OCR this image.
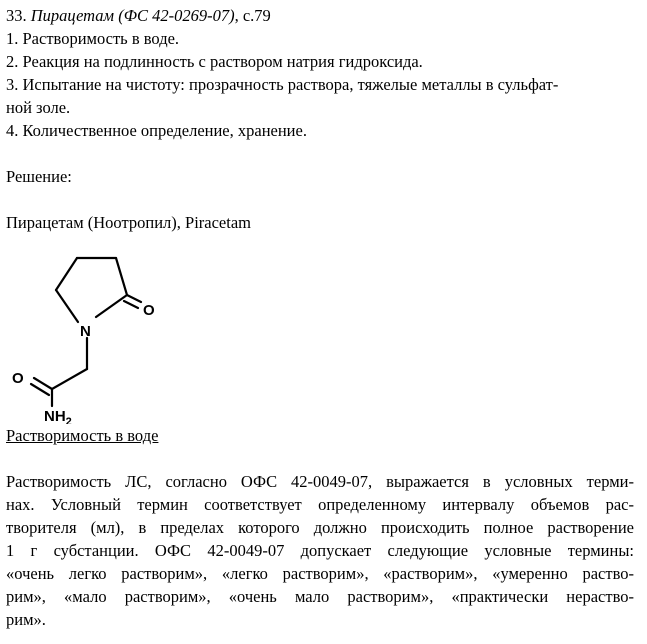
33. Пирацетам (ФС 42-0269-07), с.79
1. Растворимость в воде.
2. Реакция на подлинность с раствором натрия гидроксида.
3. Испытание на чистоту: прозрачность раствора, тяжелые металлы в сульфат-
ной золе.
4. Количественное определение, хранение.
Решение:
Пирацетам (Ноотропил), Piracetam
N
O
O
$NH_2$
Растворимость в воде
Растворимость ЛС, согласно ОФС 42-0049-07, выражается в условных терми-
нах. Условный термин соответствует определенному интервалу объемов рас-
творителя (мл), в пределах которого должно происходить полное растворение
1 г субстанции. ОФС 42-0049-07 допускает следующие условные термины:
«очень легко растворим», «легко растворим», «растворим», «умеренно раство-
рим», «мало растворим», «очень мало растворим», «практически нераство-
рим».
